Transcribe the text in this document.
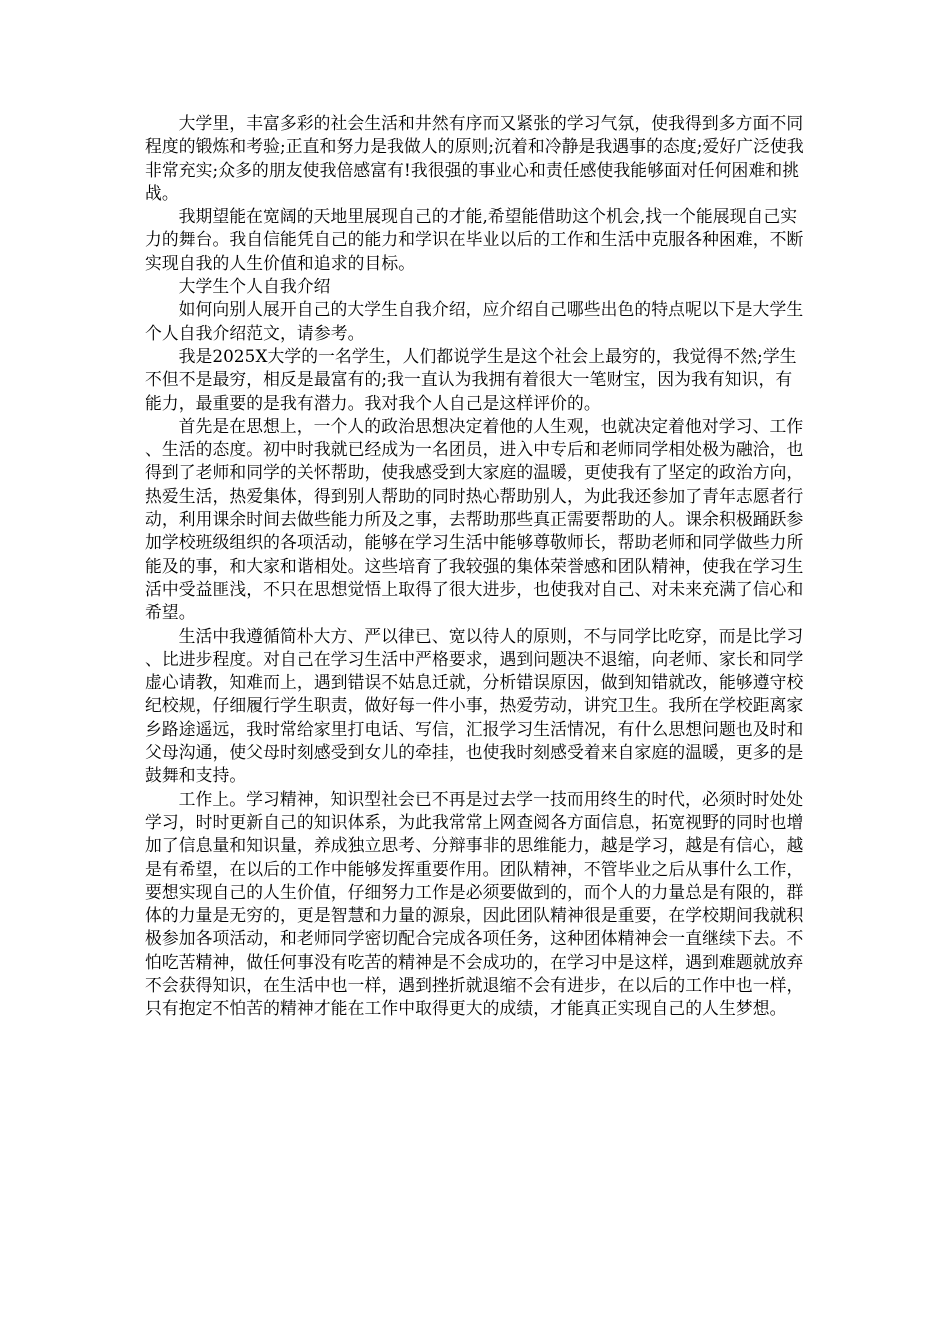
大学里，丰富多彩的社会生活和井然有序而又紧张的学习气氛，使我得到多方面不同程度的锻炼和考验;正直和努力是我做人的原则;沉着和冷静是我遇事的态度;爱好广泛使我非常充实;众多的朋友使我倍感富有!我很强的事业心和责任感使我能够面对任何困难和挑战。

我期望能在宽阔的天地里展现自己的才能,希望能借助这个机会,找一个能展现自己实力的舞台。我自信能凭自己的能力和学识在毕业以后的工作和生活中克服各种困难，不断实现自我的人生价值和追求的目标。

大学生个人自我介绍

如何向别人展开自己的大学生自我介绍，应介绍自己哪些出色的特点呢以下是大学生个人自我介绍范文，请参考。

我是2025X大学的一名学生，人们都说学生是这个社会上最穷的，我觉得不然;学生不但不是最穷，相反是最富有的;我一直认为我拥有着很大一笔财宝，因为我有知识，有能力，最重要的是我有潜力。我对我个人自己是这样评价的。

首先是在思想上，一个人的政治思想决定着他的人生观，也就决定着他对学习、工作、生活的态度。初中时我就已经成为一名团员，进入中专后和老师同学相处极为融洽，也得到了老师和同学的关怀帮助，使我感受到大家庭的温暖，更使我有了坚定的政治方向，热爱生活，热爱集体，得到别人帮助的同时热心帮助别人，为此我还参加了青年志愿者行动，利用课余时间去做些能力所及之事，去帮助那些真正需要帮助的人。课余积极踊跃参加学校班级组织的各项活动，能够在学习生活中能够尊敬师长，帮助老师和同学做些力所能及的事，和大家和谐相处。这些培育了我较强的集体荣誉感和团队精神，使我在学习生活中受益匪浅，不只在思想觉悟上取得了很大进步，也使我对自己、对未来充满了信心和希望。

生活中我遵循简朴大方、严以律已、宽以待人的原则，不与同学比吃穿，而是比学习、比进步程度。对自己在学习生活中严格要求，遇到问题决不退缩，向老师、家长和同学虚心请教，知难而上，遇到错误不姑息迁就，分析错误原因，做到知错就改，能够遵守校纪校规，仔细履行学生职责，做好每一件小事，热爱劳动，讲究卫生。我所在学校距离家乡路途遥远，我时常给家里打电话、写信，汇报学习生活情况，有什么思想问题也及时和父母沟通，使父母时刻感受到女儿的牵挂，也使我时刻感受着来自家庭的温暖，更多的是鼓舞和支持。

工作上。学习精神，知识型社会已不再是过去学一技而用终生的时代，必须时时处处学习，时时更新自己的知识体系，为此我常常上网查阅各方面信息，拓宽视野的同时也增加了信息量和知识量，养成独立思考、分辩事非的思维能力，越是学习，越是有信心，越是有希望，在以后的工作中能够发挥重要作用。团队精神，不管毕业之后从事什么工作，要想实现自己的人生价值，仔细努力工作是必须要做到的，而个人的力量总是有限的，群体的力量是无穷的，更是智慧和力量的源泉，因此团队精神很是重要，在学校期间我就积极参加各项活动，和老师同学密切配合完成各项任务，这种团体精神会一直继续下去。不怕吃苦精神，做任何事没有吃苦的精神是不会成功的，在学习中是这样，遇到难题就放弃不会获得知识，在生活中也一样，遇到挫折就退缩不会有进步，在以后的工作中也一样，只有抱定不怕苦的精神才能在工作中取得更大的成绩，才能真正实现自己的人生梦想。
